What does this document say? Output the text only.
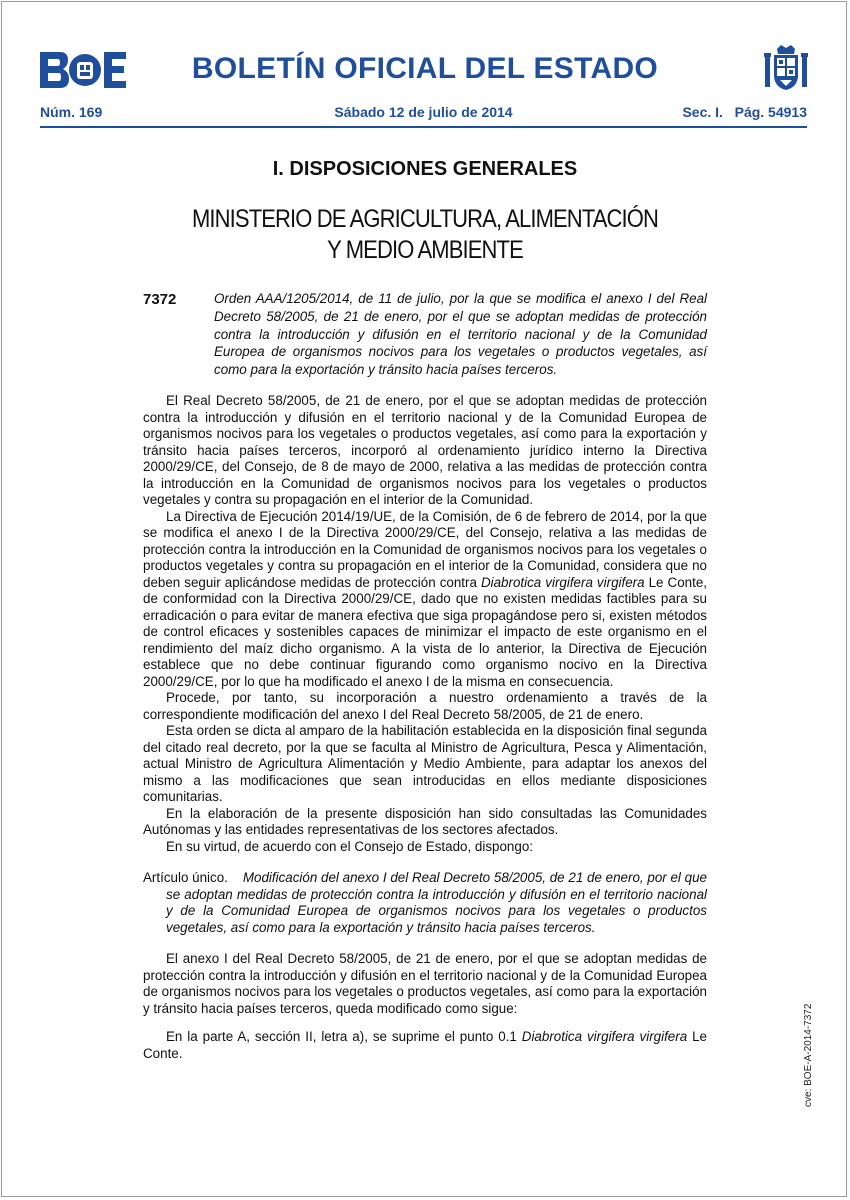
BOLETÍN OFICIAL DEL ESTADO
Núm. 169	Sábado 12 de julio de 2014	Sec. I.   Pág. 54913
I. DISPOSICIONES GENERALES
MINISTERIO DE AGRICULTURA, ALIMENTACIÓN
Y MEDIO AMBIENTE
7372	Orden AAA/1205/2014, de 11 de julio, por la que se modifica el anexo I del Real Decreto 58/2005, de 21 de enero, por el que se adoptan medidas de protección contra la introducción y difusión en el territorio nacional y de la Comunidad Europea de organismos nocivos para los vegetales o productos vegetales, así como para la exportación y tránsito hacia países terceros.

El Real Decreto 58/2005, de 21 de enero, por el que se adoptan medidas de protección contra la introducción y difusión en el territorio nacional y de la Comunidad Europea de organismos nocivos para los vegetales o productos vegetales, así como para la exportación y tránsito hacia países terceros, incorporó al ordenamiento jurídico interno la Directiva 2000/29/CE, del Consejo, de 8 de mayo de 2000, relativa a las medidas de protección contra la introducción en la Comunidad de organismos nocivos para los vegetales o productos vegetales y contra su propagación en el interior de la Comunidad.

La Directiva de Ejecución 2014/19/UE, de la Comisión, de 6 de febrero de 2014, por la que se modifica el anexo I de la Directiva 2000/29/CE, del Consejo, relativa a las medidas de protección contra la introducción en la Comunidad de organismos nocivos para los vegetales o productos vegetales y contra su propagación en el interior de la Comunidad, considera que no deben seguir aplicándose medidas de protección contra Diabrotica virgifera virgifera Le Conte, de conformidad con la Directiva 2000/29/CE, dado que no existen medidas factibles para su erradicación o para evitar de manera efectiva que siga propagándose pero si, existen métodos de control eficaces y sostenibles capaces de minimizar el impacto de este organismo en el rendimiento del maíz dicho organismo. A la vista de lo anterior, la Directiva de Ejecución establece que no debe continuar figurando como organismo nocivo en la Directiva 2000/29/CE, por lo que ha modificado el anexo I de la misma en consecuencia.

Procede, por tanto, su incorporación a nuestro ordenamiento a través de la correspondiente modificación del anexo I del Real Decreto 58/2005, de 21 de enero.

Esta orden se dicta al amparo de la habilitación establecida en la disposición final segunda del citado real decreto, por la que se faculta al Ministro de Agricultura, Pesca y Alimentación, actual Ministro de Agricultura Alimentación y Medio Ambiente, para adaptar los anexos del mismo a las modificaciones que sean introducidas en ellos mediante disposiciones comunitarias.

En la elaboración de la presente disposición han sido consultadas las Comunidades Autónomas y las entidades representativas de los sectores afectados.

En su virtud, de acuerdo con el Consejo de Estado, dispongo:

Artículo único. Modificación del anexo I del Real Decreto 58/2005, de 21 de enero, por el que se adoptan medidas de protección contra la introducción y difusión en el territorio nacional y de la Comunidad Europea de organismos nocivos para los vegetales o productos vegetales, así como para la exportación y tránsito hacia países terceros.

El anexo I del Real Decreto 58/2005, de 21 de enero, por el que se adoptan medidas de protección contra la introducción y difusión en el territorio nacional y de la Comunidad Europea de organismos nocivos para los vegetales o productos vegetales, así como para la exportación y tránsito hacia países terceros, queda modificado como sigue:

En la parte A, sección II, letra a), se suprime el punto 0.1 Diabrotica virgifera virgifera Le Conte.	cve: BOE-A-2014-7372
